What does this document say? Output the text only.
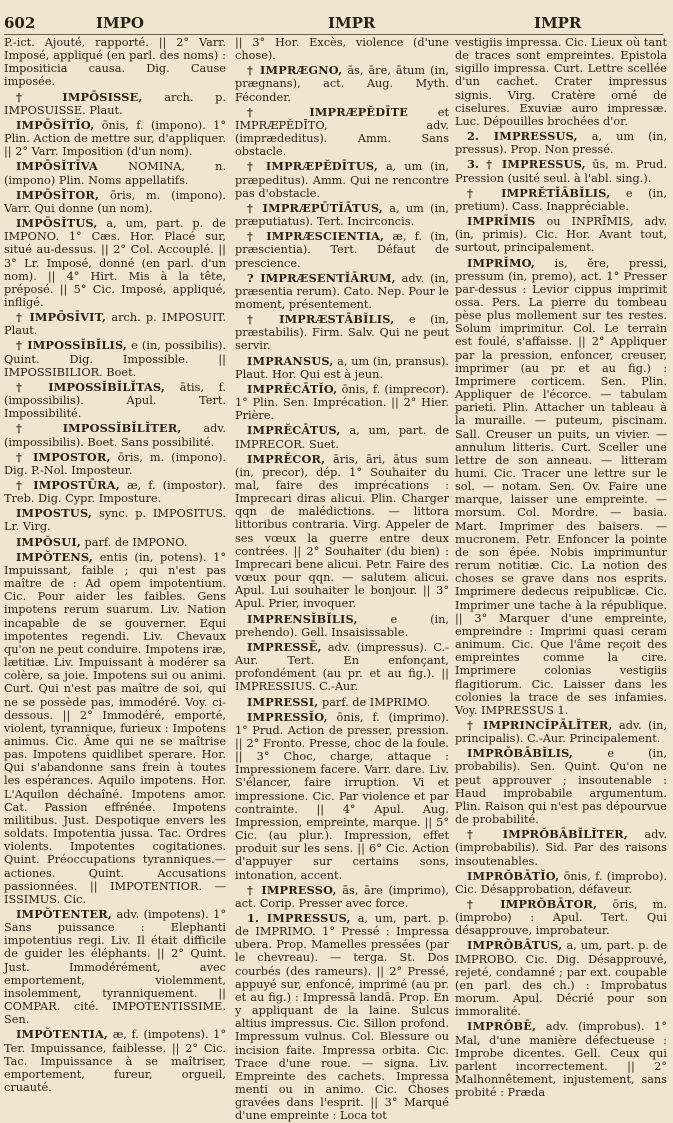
602	IMPO	IMPR	IMPR

P.-ict. Ajouté, rapporté. || 2° Varr. Imposé, appliqué (en parl. des noms) : Impositicia causa. Dig. Cause imposée.

† IMPŌSISSE, arch. p. IMPOSUISSE. Plaut.

IMPŌSĬTĬO, ōnis, f. (impono). 1° Plin. Action de mettre sur, d'appliquer. || 2° Varr. Imposition (d'un nom).

IMPŌSĬTĪVA	NOMINA, n. (impono) Plin. Noms appellatifs.

IMPŌSĬTOR, ōris, m. (impono). Varr. Qui donne (un nom).

IMPŌSĬTUS, a, um, part. p. de IMPONO. 1° Cæs. Hor. Placé sur, situé au-dessus. || 2° Col. Accouplé. || 3° Lr. Imposé, donné (en parl. d'un nom). || 4° Hirt. Mis à la tête, préposé. || 5° Cic. Imposé, appliqué, infligé.

† IMPŌSĪVIT, arch. p. IMPOSUIT. Plaut.

† IMPOSSĬBĬLIS, e (in, possibilis). Quint. Dig. Impossible. || IMPOSSIBILIOR. Boet.

† IMPOSSĬBĬLĬTAS, ātis, f. (impossibilis). Apul. Tert. Impossibilité.

† IMPOSSĬBĬLĬTER, adv. (impossibilis). Boet. Sans possibilité.

† IMPOSTOR, ōris, m. (impono). Dig. P.-Nol. Imposteur.

† IMPOSTŪRA, æ, f. (impostor). Treb. Dig. Cypr. Imposture.

IMPOSTUS, sync. p. IMPOSITUS. Lr. Virg.

IMPŎSUI, parf. de IMPONO.

IMPŎTENS, entis (in, potens). 1° Impuissant, faible ; qui n'est pas maître de : Ad opem impotentium. Cic. Pour aider les faibles. Gens impotens rerum suarum. Liv. Nation incapable de se gouverner. Equi impotentes regendi. Liv. Chevaux qu'on ne peut conduire. Impotens iræ, lætitiæ. Liv. Impuissant à modérer sa colère, sa joie. Impotens sui ou animi. Curt. Qui n'est pas maître de soi, qui ne se possède pas, immodéré. Voy. ci-dessous. || 2° Immodéré, emporté, violent, tyrannique, furieux : Impotens animus. Cic. Âme qui ne se maîtrise pas. Impotens quidlibet sperare. Hor. Qui s'abandonne sans frein à toutes les espérances. Aquilo impotens. Hor. L'Aquilon déchaîné. Impotens amor. Cat. Passion effrénée. Impotens militibus. Just. Despotique envers les soldats. Impotentia jussa. Tac. Ordres violents. Impotentes cogitationes. Quint. Préoccupations tyranniques.—actiones. Quint. Accusations passionnées. || IMPOTENTIOR. — ISSIMUS. Cic.

IMPŎTENTER, adv. (impotens). 1° Sans puissance : Elephanti impotentius regi. Liv. Il était difficile de guider les éléphants. || 2° Quint. Just. Immodérément, avec emportement, violemment, insolemment, tyranniquement. || COMPAR. cité. IMPOTENTISSIME. Sen.

IMPŎTENTIA, æ, f. (impotens). 1° Ter. Impuissance, faiblesse. || 2° Cic. Tac. Impuissance à se maîtriser, emportement, fureur, orgueil, cruauté.

|| 3° Hor. Excès, violence (d'une chose).

† IMPRÆGNO, ās, āre, ātum (in, prægnans), act. Aug. Myth. Féconder.

† IMPRÆPĔDĪTE	et IMPRÆPĔDĪTO, adv. (imprædeditus). Amm. Sans obstacle.

† IMPRÆPĔDĪTUS, a, um (in, præpeditus). Amm. Qui ne rencontre pas d'obstacle.

† IMPRÆPŪTĬĀTUS, a, um (in, præputiatus). Tert. Incirconcis.

† IMPRÆSCIENTIA, æ, f. (in, præscientia). Tert. Défaut de prescience.

? IMPRÆSENTĬĀRUM, adv. (in, præsentia rerum). Cato. Nep. Pour le moment, présentement.

† IMPRÆSTĀBĬLIS, e (in, præstabilis). Firm. Salv. Qui ne peut servir.

IMPRANSUS, a, um (in, pransus). Plaut. Hor. Qui est à jeun.

IMPRĔCĀTĬO, ōnis, f. (imprecor). 1° Plin. Sen. Imprécation. || 2° Hier. Prière.

IMPRĔCĀTUS, a, um, part. de IMPRECOR. Suet.

IMPRĔCOR, āris, āri, ātus sum (in, precor), dép. 1° Souhaiter du mal, faire des imprécations : Imprecari diras alicui. Plin. Charger qqn de malédictions. — littora littoribus contraria. Virg. Appeler de ses vœux la guerre entre deux contrées. || 2° Souhaiter (du bien) : Imprecari bene alicui. Petr. Faire des vœux pour qqn. — salutem alicui. Apul. Lui souhaiter le bonjour. || 3° Apul. Prier, invoquer.

IMPRENSĬBĬLIS,	e (in, prehendo). Gell. Insaisissable.

IMPRESSĒ, adv. (impressus). C.-Aur. Tert. En enfonçant, profondément (au pr. et au fig.). || IMPRESSIUS. C.-Aur.

IMPRESSI, parf. de IMPRIMO.

IMPRESSĬO, ōnis, f. (imprimo). 1° Prud. Action de presser, pression. || 2° Fronto. Presse, choc de la foule. || 3° Choc, charge, attaque : Impressionem facere. Varr. dare. Liv. S'élancer, faire irruption. Vi et impressione. Cic. Par violence et par contrainte. || 4° Apul. Aug. Impression, empreinte, marque. || 5° Cic. (au plur.). Impression, effet produit sur les sens. || 6° Cic. Action d'appuyer sur certains sons, intonation, accent.

† IMPRESSO, ās, āre (imprimo), act. Corip. Presser avec force.

1. IMPRESSUS, a, um, part. p. de IMPRIMO. 1° Pressé : Impressa ubera. Prop. Mamelles pressées (par le chevreau). — terga. St. Dos courbés (des rameurs). || 2° Pressé, appuyé sur, enfoncé, imprimé (au pr. et au fig.) : Impressā landā. Prop. En y appliquant de la laine. Sulcus altius impressus. Cic. Sillon profond. Impressum vulnus. Col. Blessure ou incision faite. Impressa orbita. Cic. Trace d'une roue. — signa. Liv. Empreinte des cachets. Impressa menti ou in animo. Cic. Choses gravées dans l'esprit. || 3° Marqué d'une empreinte : Loca tot

vestigiis impressa. Cic. Lieux où tant de traces sont empreintes. Epistola sigillo impressa. Curt. Lettre scellée d'un cachet. Crater impressus signis. Virg. Cratère orné de ciselures. Exuviæ auro impressæ. Luc. Dépouilles brochées d'or.

2. IMPRESSUS, a, um (in, pressus). Prop. Non pressé.

3. † IMPRESSUS, ūs, m. Prud. Pression (usité seul. à l'abl. sing.).

† IMPRĔTĬĀBĬLIS, e (in, pretium). Cass. Inappréciable.

IMPRĪMIS ou INPRĪMIS, adv. (in, primis). Cic. Hor. Avant tout, surtout, principalement.

IMPRĬMO, is, ĕre, pressi, pressum (in, premo), act. 1° Presser par-dessus : Levior cippus imprimit ossa. Pers. La pierre du tombeau pèse plus mollement sur tes restes. Solum imprimitur. Col. Le terrain est foulé, s'affaisse. || 2° Appliquer par la pression, enfoncer, creuser, imprimer (au pr. et au fig.) : Imprimere corticem. Sen. Plin. Appliquer de l'écorce. — tabulam parieti. Plin. Attacher un tableau à la muraille. — puteum, piscinam. Sall. Creuser un puits, un vivier. — annulum litteris. Curt. Sceller une lettre de son anneau. — litteram humi. Cic. Tracer une lettre sur le sol. — notam. Sen. Ov. Faire une marque, laisser une empreinte. — morsum. Col. Mordre. — basia. Mart. Imprimer des baisers. — mucronem. Petr. Enfoncer la pointe de son épée. Nobis imprimuntur rerum notitiæ. Cic. La notion des choses se grave dans nos esprits. Imprimere dedecus reipublicæ. Cic. Imprimer une tache à la république. || 3° Marquer d'une empreinte, empreindre : Imprimi quasi ceram animum. Cic. Que l'âme reçoit des empreintes comme la cire. Imprimere colonias vestigiis flagitiorum. Cic. Laisser dans les colonies la trace de ses infamies. Voy. IMPRESSUS 1.

† IMPRINCĬPĀLĬTER, adv. (in, principalis). C.-Aur. Principalement.

IMPRŎBĀBĬLIS,	e (in, probabilis). Sen. Quint. Qu'on ne peut approuver ; insoutenable : Haud improbabile argumentum. Plin. Raison qui n'est pas dépourvue de probabilité.

† IMPRŎBĀBĬLĬTER, adv. (improbabilis). Sid. Par des raisons insoutenables.

IMPRŎBĀTĬO, ōnis, f. (improbo). Cic. Désapprobation, défaveur.

† IMPRŎBĀTOR, ōris, m. (improbo) : Apul. Tert. Qui désapprouve, improbateur.

IMPRŎBĀTUS, a, um, part. p. de IMPROBO. Cic. Dig. Désapprouvé, rejeté, condamné ; par ext. coupable (en parl. des ch.) : Improbatus morum. Apul. Décrié pour son immoralité.

IMPRŎBĒ, adv. (improbus). 1° Mal, d'une manière défectueuse : Improbe dicentes. Gell. Ceux qui parlent incorrectement. || 2° Malhonnêtement, injustement, sans probité : Præda
